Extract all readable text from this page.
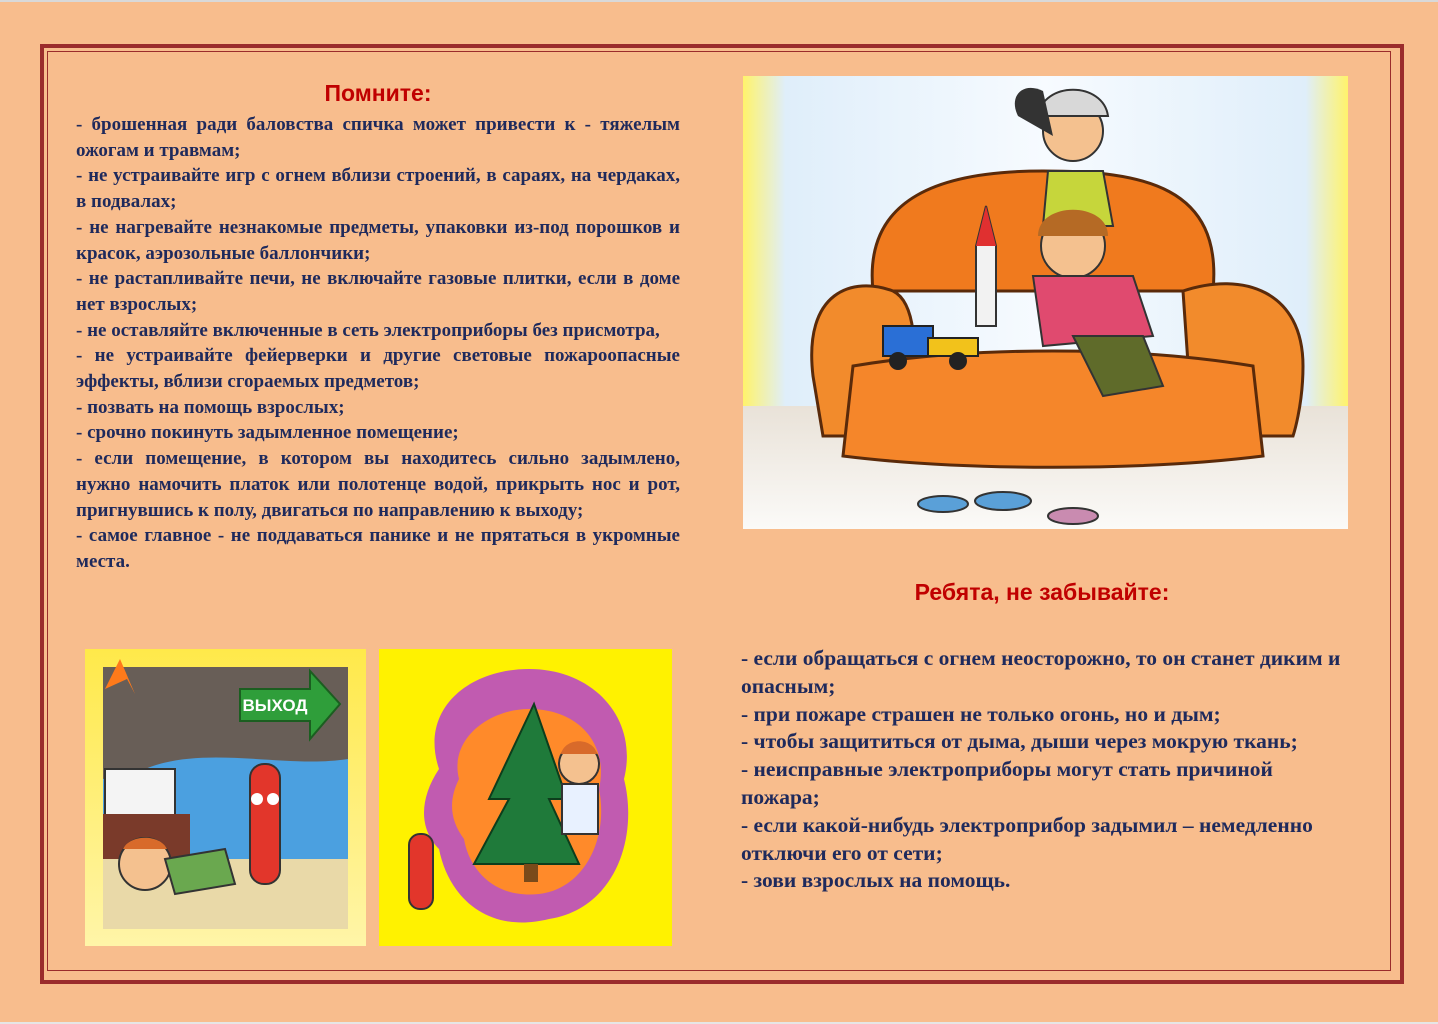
Помните:

- брошенная ради баловства спичка может привести к - тяжелым ожогам и травмам;

- не устраивайте игр с огнем вблизи строений, в сараях, на чердаках, в подвалах;

- не нагревайте незнакомые предметы, упаковки из-под порошков и красок, аэрозольные баллончики;

- не растапливайте печи, не включайте газовые плитки, если в доме нет взрослых;

- не оставляйте включенные в сеть электроприборы без присмотра,

- не устраивайте фейерверки и другие световые пожароопасные эффекты, вблизи сгораемых предметов;

- позвать на помощь взрослых;

- срочно покинуть задымленное помещение;

- если помещение, в котором вы находитесь сильно задымлено, нужно намочить платок или полотенце водой, прикрыть нос и рот, пригнувшись к полу, двигаться по направлению к выходу;

- самое главное - не поддаваться панике и не прятаться в укромные места.

ВЫХОД
Ребята, не забывайте:

- если обращаться с огнем неосторожно, то он станет диким и опасным;

- при пожаре страшен не только огонь, но и дым;

- чтобы защититься от дыма, дыши через мокрую ткань;

- неисправные электроприборы могут стать причиной пожара;

- если какой-нибудь электроприбор задымил – немедленно отключи его от сети;

- зови взрослых на помощь.
